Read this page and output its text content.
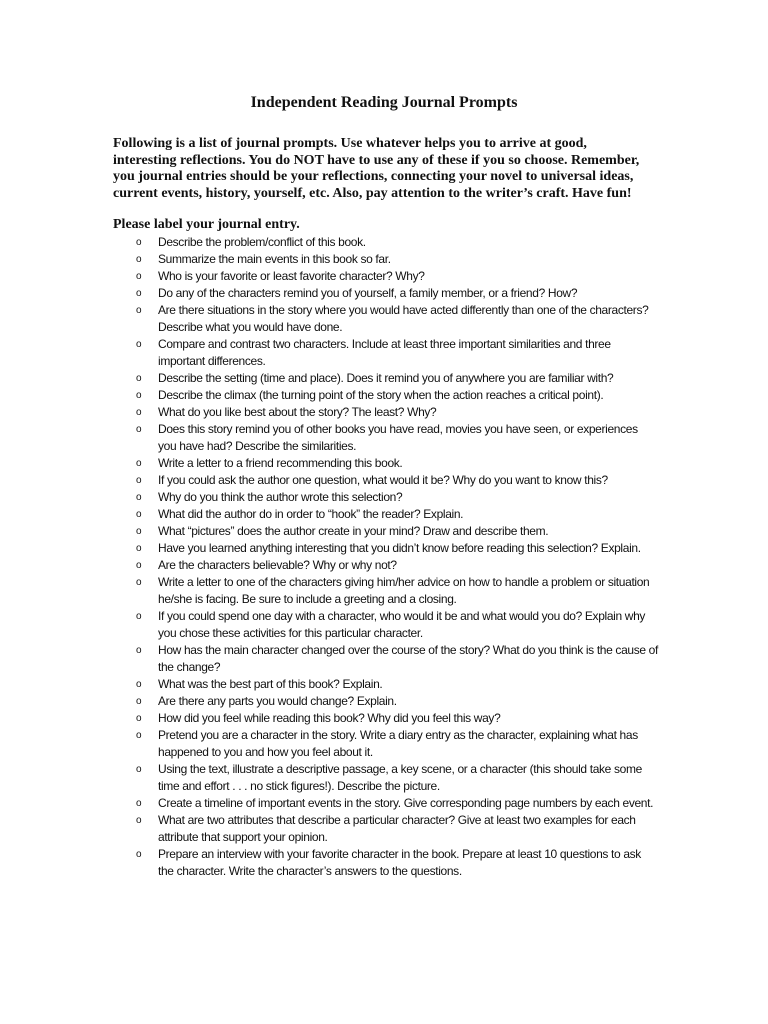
Independent Reading Journal Prompts

Following is a list of journal prompts. Use whatever helps you to arrive at good, interesting reflections. You do NOT have to use any of these if you so choose. Remember, you journal entries should be your reflections, connecting your novel to universal ideas, current events, history, yourself, etc. Also, pay attention to the writer’s craft. Have fun!

Please label your journal entry.

o Describe the problem/conflict of this book.
o Summarize the main events in this book so far.
o Who is your favorite or least favorite character? Why?
o Do any of the characters remind you of yourself, a family member, or a friend? How?
o Are there situations in the story where you would have acted differently than one of the characters? Describe what you would have done.
o Compare and contrast two characters. Include at least three important similarities and three important differences.
o Describe the setting (time and place). Does it remind you of anywhere you are familiar with?
o Describe the climax (the turning point of the story when the action reaches a critical point).
o What do you like best about the story? The least? Why?
o Does this story remind you of other books you have read, movies you have seen, or experiences you have had? Describe the similarities.
o Write a letter to a friend recommending this book.
o If you could ask the author one question, what would it be? Why do you want to know this?
o Why do you think the author wrote this selection?
o What did the author do in order to “hook” the reader? Explain.
o What “pictures” does the author create in your mind? Draw and describe them.
o Have you learned anything interesting that you didn’t know before reading this selection? Explain.
o Are the characters believable? Why or why not?
o Write a letter to one of the characters giving him/her advice on how to handle a problem or situation he/she is facing. Be sure to include a greeting and a closing.
o If you could spend one day with a character, who would it be and what would you do? Explain why you chose these activities for this particular character.
o How has the main character changed over the course of the story? What do you think is the cause of the change?
o What was the best part of this book? Explain.
o Are there any parts you would change? Explain.
o How did you feel while reading this book? Why did you feel this way?
o Pretend you are a character in the story. Write a diary entry as the character, explaining what has happened to you and how you feel about it.
o Using the text, illustrate a descriptive passage, a key scene, or a character (this should take some time and effort . . . no stick figures!). Describe the picture.
o Create a timeline of important events in the story. Give corresponding page numbers by each event.
o What are two attributes that describe a particular character? Give at least two examples for each attribute that support your opinion.
o Prepare an interview with your favorite character in the book. Prepare at least 10 questions to ask the character. Write the character’s answers to the questions.
